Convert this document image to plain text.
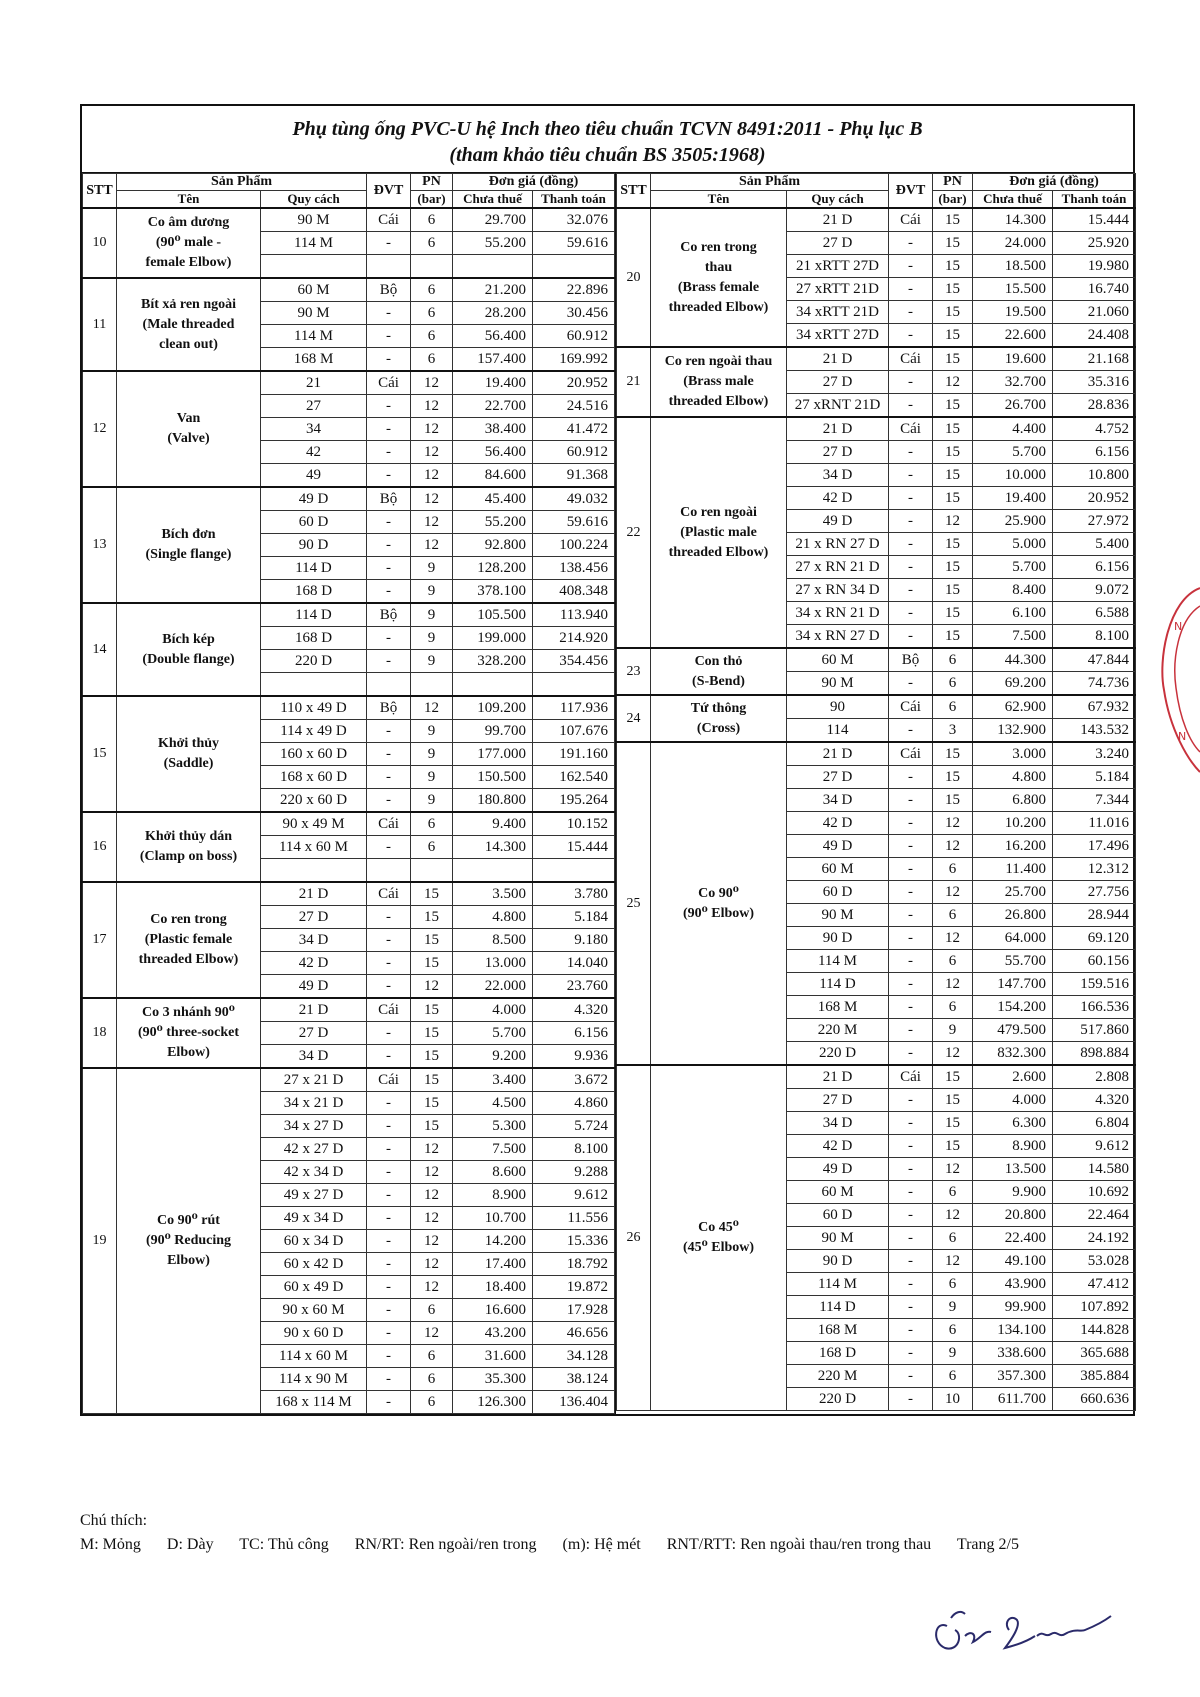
Phụ tùng ống PVC-U hệ Inch theo tiêu chuẩn TCVN 8491:2011 - Phụ lục B
(tham khảo tiêu chuẩn BS 3505:1968)
STT	Sản Phẩm		ĐVT	PN	Đơn giá (đồng)	
	Tên	Quy cách		(bar)	Chưa thuế	Thanh toán
10	Co âm dương
(90⁰ male -
female Elbow)	90 M	Cái	6	29.700	32.076
		114 M	-	6	55.200	59.616

11	Bít xả ren ngoài
(Male threaded
clean out)	60 M	Bộ	6	21.200	22.896
		90 M	-	6	28.200	30.456
		114 M	-	6	56.400	60.912
		168 M	-	6	157.400	169.992
12	Van
(Valve)	21	Cái	12	19.400	20.952
		27	-	12	22.700	24.516
		34	-	12	38.400	41.472
		42	-	12	56.400	60.912
		49	-	12	84.600	91.368
13	Bích đơn
(Single flange)	49 D	Bộ	12	45.400	49.032
		60 D	-	12	55.200	59.616
		90 D	-	12	92.800	100.224
		114 D	-	9	128.200	138.456
		168 D	-	9	378.100	408.348
14	Bích kép
(Double flange)	114 D	Bộ	9	105.500	113.940
		168 D	-	9	199.000	214.920
		220 D	-	9	328.200	354.456

15	Khởi thủy
(Saddle)	110 x 49 D	Bộ	12	109.200	117.936
		114 x 49 D	-	9	99.700	107.676
		160 x 60 D	-	9	177.000	191.160
		168 x 60 D	-	9	150.500	162.540
		220 x 60 D	-	9	180.800	195.264
16	Khởi thủy dán
(Clamp on boss)	90 x 49 M	Cái	6	9.400	10.152
		114 x 60 M	-	6	14.300	15.444

17	Co ren trong
(Plastic female
threaded Elbow)	21 D	Cái	15	3.500	3.780
		27 D	-	15	4.800	5.184
		34 D	-	15	8.500	9.180
		42 D	-	15	13.000	14.040
		49 D	-	12	22.000	23.760
18	Co 3 nhánh 90⁰
(90⁰ three-socket
Elbow)	21 D	Cái	15	4.000	4.320
		27 D	-	15	5.700	6.156
		34 D	-	15	9.200	9.936
19	Co 90⁰ rút
(90⁰ Reducing
Elbow)	27 x 21 D	Cái	15	3.400	3.672
		34 x 21 D	-	15	4.500	4.860
		34 x 27 D	-	15	5.300	5.724
		42 x 27 D	-	12	7.500	8.100
		42 x 34 D	-	12	8.600	9.288
		49 x 27 D	-	12	8.900	9.612
		49 x 34 D	-	12	10.700	11.556
		60 x 34 D	-	12	14.200	15.336
		60 x 42 D	-	12	17.400	18.792
		60 x 49 D	-	12	18.400	19.872
		90 x 60 M	-	6	16.600	17.928
		90 x 60 D	-	12	43.200	46.656
		114 x 60 M	-	6	31.600	34.128
		114 x 90 M	-	6	35.300	38.124
		168 x 114 M	-	6	126.300	136.404
STT	Sản Phẩm		ĐVT	PN	Đơn giá (đồng)	
	Tên	Quy cách		(bar)	Chưa thuế	Thanh toán
20	Co ren trong
thau
(Brass female
threaded Elbow)	21 D	Cái	15	14.300	15.444
		27 D	-	15	24.000	25.920
		21 xRTT 27D	-	15	18.500	19.980
		27 xRTT 21D	-	15	15.500	16.740
		34 xRTT 21D	-	15	19.500	21.060
		34 xRTT 27D	-	15	22.600	24.408
21	Co ren ngoài thau
(Brass male
threaded Elbow)	21 D	Cái	15	19.600	21.168
		27 D	-	12	32.700	35.316
		27 xRNT 21D	-	15	26.700	28.836
22	Co ren ngoài
(Plastic male
threaded Elbow)	21 D	Cái	15	4.400	4.752
		27 D	-	15	5.700	6.156
		34 D	-	15	10.000	10.800
		42 D	-	15	19.400	20.952
		49 D	-	12	25.900	27.972
		21 x RN 27 D	-	15	5.000	5.400
		27 x RN 21 D	-	15	5.700	6.156
		27 x RN 34 D	-	15	8.400	9.072
		34 x RN 21 D	-	15	6.100	6.588
		34 x RN 27 D	-	15	7.500	8.100
23	Con thỏ
(S-Bend)	60 M	Bộ	6	44.300	47.844
		90 M	-	6	69.200	74.736
24	Tứ thông
(Cross)	90	Cái	6	62.900	67.932
		114	-	3	132.900	143.532
25	Co 90⁰
(90⁰ Elbow)	21 D	Cái	15	3.000	3.240
		27 D	-	15	4.800	5.184
		34 D	-	15	6.800	7.344
		42 D	-	12	10.200	11.016
		49 D	-	12	16.200	17.496
		60 M	-	6	11.400	12.312
		60 D	-	12	25.700	27.756
		90 M	-	6	26.800	28.944
		90 D	-	12	64.000	69.120
		114 M	-	6	55.700	60.156
		114 D	-	12	147.700	159.516
		168 M	-	6	154.200	166.536
		220 M	-	9	479.500	517.860
		220 D	-	12	832.300	898.884
26	Co 45⁰
(45⁰ Elbow)	21 D	Cái	15	2.600	2.808
		27 D	-	15	4.000	4.320
		34 D	-	15	6.300	6.804
		42 D	-	15	8.900	9.612
		49 D	-	12	13.500	14.580
		60 M	-	6	9.900	10.692
		60 D	-	12	20.800	22.464
		90 M	-	6	22.400	24.192
		90 D	-	12	49.100	53.028
		114 M	-	6	43.900	47.412
		114 D	-	9	99.900	107.892
		168 M	-	6	134.100	144.828
		168 D	-	9	338.600	365.688
		220 M	-	6	357.300	385.884
		220 D	-	10	611.700	660.636
Chú thích:
M: Mỏng D: Dày TC: Thủ công RN/RT: Ren ngoài/ren trong (m): Hệ mét RNT/RTT: Ren ngoài thau/ren trong thau Trang 2/5
N
N
